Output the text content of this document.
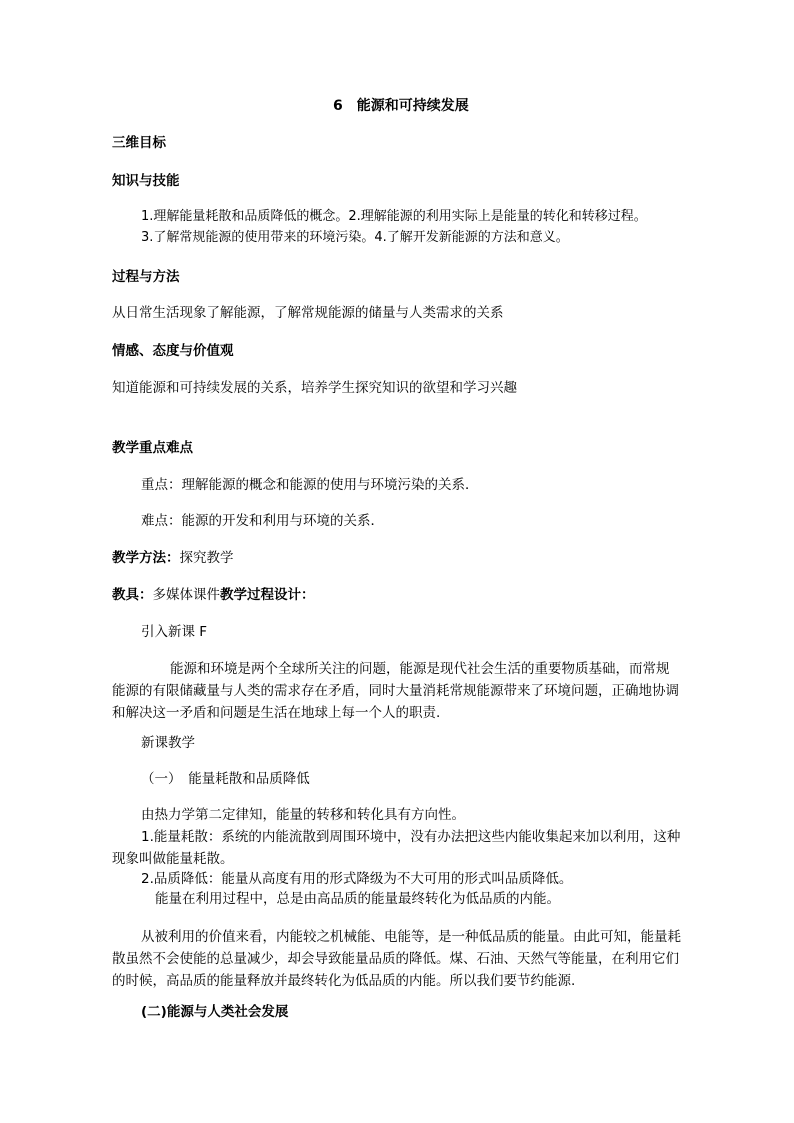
6　能源和可持续发展
三维目标
知识与技能
1.理解能量耗散和品质降低的概念。2.理解能源的利用实际上是能量的转化和转移过程。
3.了解常规能源的使用带来的环境污染。4.了解开发新能源的方法和意义。
过程与方法
从日常生活现象了解能源，了解常规能源的储量与人类需求的关系
情感、态度与价值观
知道能源和可持续发展的关系，培养学生探究知识的欲望和学习兴趣
教学重点难点
重点：理解能源的概念和能源的使用与环境污染的关系．
难点：能源的开发和利用与环境的关系．
教学方法：探究教学
教具：多媒体课件教学过程设计：
引入新课 F
能源和环境是两个全球所关注的问题，能源是现代社会生活的重要物质基础，而常规能源的有限储藏量与人类的需求存在矛盾，同时大量消耗常规能源带来了环境问题，正确地协调和解决这一矛盾和问题是生活在地球上每一个人的职责.
新课教学
（一）　能量耗散和品质降低
由热力学第二定律知，能量的转移和转化具有方向性。
1.能量耗散：系统的内能流散到周围环境中，没有办法把这些内能收集起来加以利用，这种现象叫做能量耗散。
2.品质降低：能量从高度有用的形式降级为不大可用的形式叫品质降低。
能量在利用过程中，总是由高品质的能量最终转化为低品质的内能。
从被利用的价值来看，内能较之机械能、电能等，是一种低品质的能量。由此可知，能量耗散虽然不会使能的总量减少，却会导致能量品质的降低。煤、石油、天然气等能量，在利用它们的时候，高品质的能量释放并最终转化为低品质的内能。所以我们要节约能源.
(二)能源与人类社会发展
